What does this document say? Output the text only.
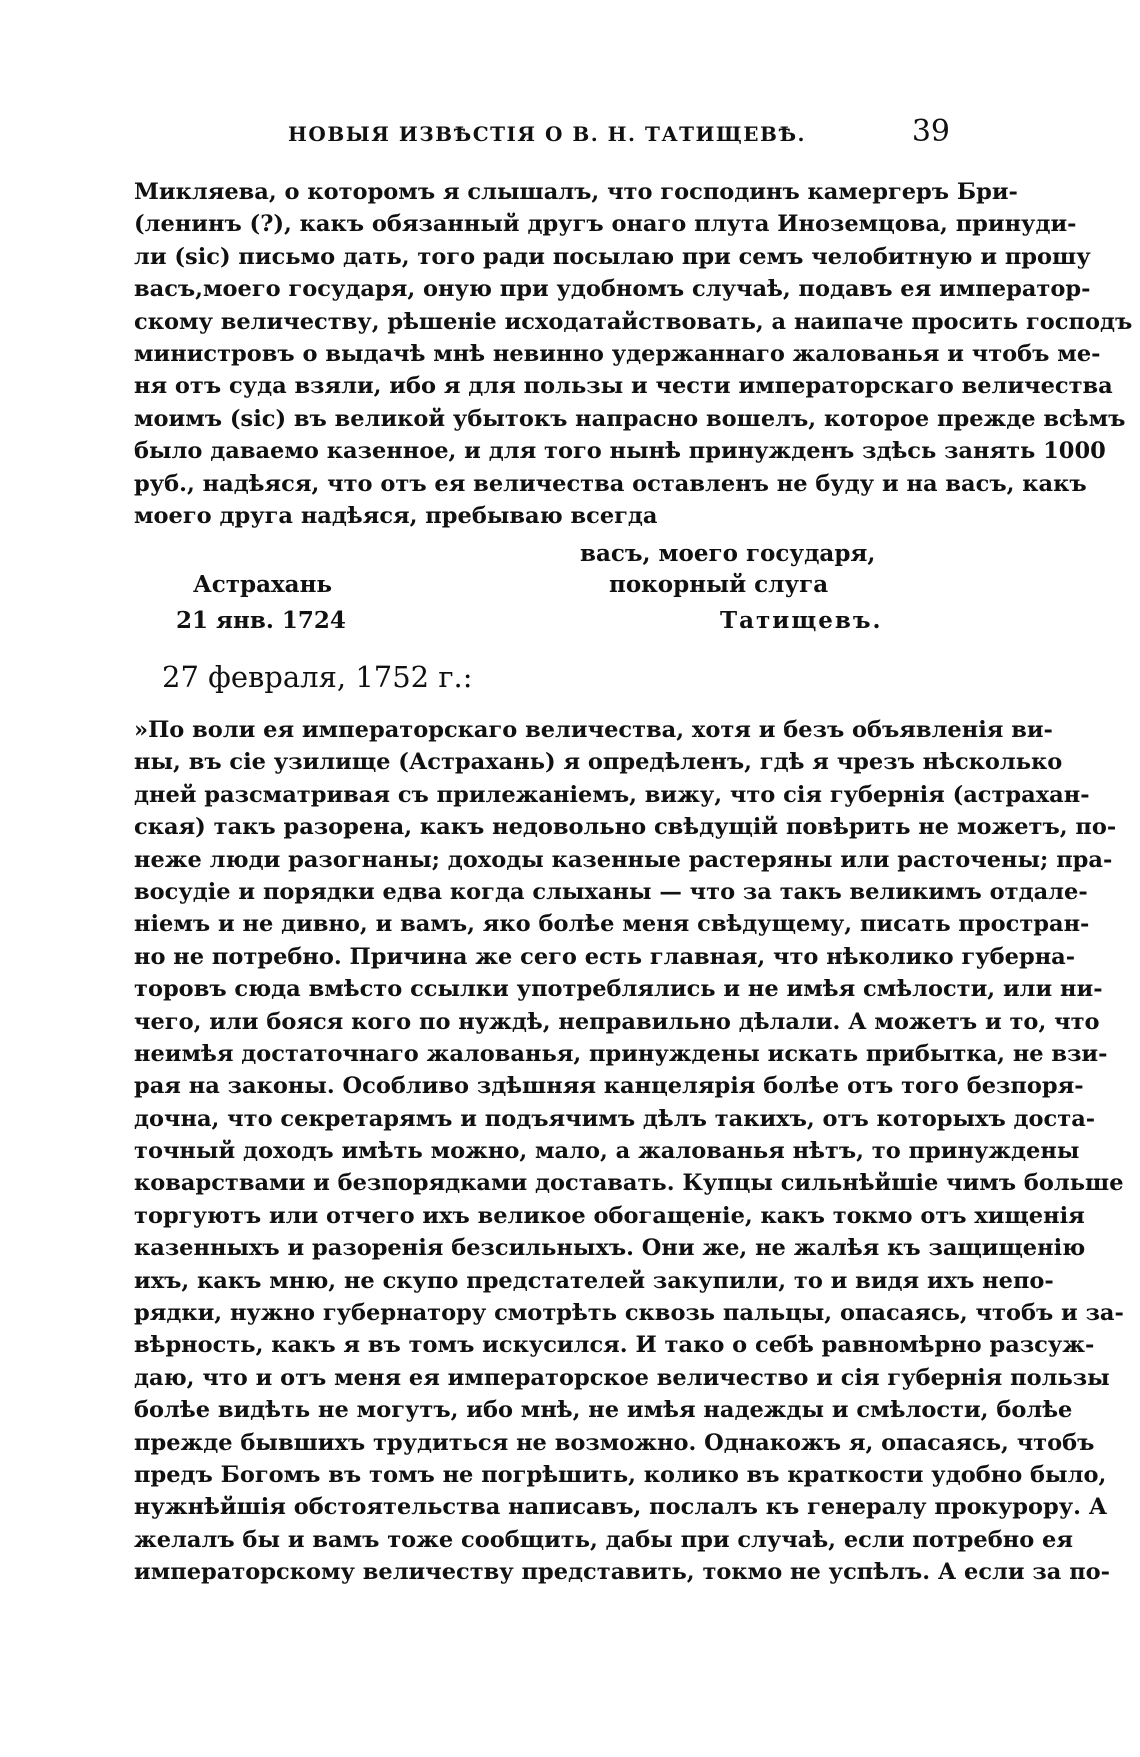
НОВЫЯ ИЗВѢСТІЯ О В. Н. ТАТИЩЕВѢ.	39
Микляева, о которомъ я слышалъ, что господинъ камергеръ Бри-
(ленинъ (?), какъ обязанный другъ онаго плута Иноземцова, принуди-
ли (sic) письмо дать, того ради посылаю при семъ челобитную и прошу
васъ,моего государя, оную при удобномъ случаѣ, подавъ ея император-
скому величеству, рѣшеніе исходатайствовать, а наипаче просить господъ
министровъ о выдачѣ мнѣ невинно удержаннаго жалованья и чтобъ ме-
ня отъ суда взяли, ибо я для пользы и чести императорскаго величества
моимъ (sic) въ великой убытокъ напрасно вошелъ, которое прежде всѣмъ
было даваемо казенное, и для того нынѣ принужденъ здѣсь занять 1000
руб., надѣяся, что отъ ея величества оставленъ не буду и на васъ, какъ
моего друга надѣяся, пребываю всегда
васъ, моего государя,
Астрахань	покорный слуга
21 янв. 1724	Татищевъ.
27 февраля, 1752 г.:
»По воли ея императорскаго величества, хотя и безъ объявленія ви-
ны, въ сіе узилище (Астрахань) я опредѣленъ, гдѣ я чрезъ нѣсколько
дней разсматривая съ прилежаніемъ, вижу, что сія губернія (астрахан-
ская) такъ разорена, какъ недовольно свѣдущій повѣрить не можетъ, по-
неже люди разогнаны; доходы казенные растеряны или расточены; пра-
восудіе и порядки едва когда слыханы — что за такъ великимъ отдале-
ніемъ и не дивно, и вамъ, яко болѣе меня свѣдущему, писать простран-
но не потребно. Причина же сего есть главная, что нѣколико губерна-
торовъ сюда вмѣсто ссылки употреблялись и не имѣя смѣлости, или ни-
чего, или бояся кого по нуждѣ, неправильно дѣлали. А можетъ и то, что
неимѣя достаточнаго жалованья, принуждены искать прибытка, не взи-
рая на законы. Особливо здѣшняя канцелярія болѣе отъ того безпоря-
дочна, что секретарямъ и подъячимъ дѣлъ такихъ, отъ которыхъ доста-
точный доходъ имѣть можно, мало, а жалованья нѣтъ, то принуждены
коварствами и безпорядками доставать. Купцы сильнѣйшіе чимъ больше
торгуютъ или отчего ихъ великое обогащеніе, какъ токмо отъ хищенія
казенныхъ и разоренія безсильныхъ. Они же, не жалѣя къ защищенію
ихъ, какъ мню, не скупо предстателей закупили, то и видя ихъ непо-
рядки, нужно губернатору смотрѣть сквозь пальцы, опасаясь, чтобъ и за-
вѣрность, какъ я въ томъ искусился. И тако о себѣ равномѣрно разсуж-
даю, что и отъ меня ея императорское величество и сія губернія пользы
болѣе видѣть не могутъ, ибо мнѣ, не имѣя надежды и смѣлости, болѣе
прежде бывшихъ трудиться не возможно. Однакожъ я, опасаясь, чтобъ
предъ Богомъ въ томъ не погрѣшить, колико въ краткости удобно было,
нужнѣйшія обстоятельства написавъ, послалъ къ генералу прокурору. А
желалъ бы и вамъ тоже сообщить, дабы при случаѣ, если потребно ея
императорскому величеству представить, токмо не успѣлъ. А если за по-
